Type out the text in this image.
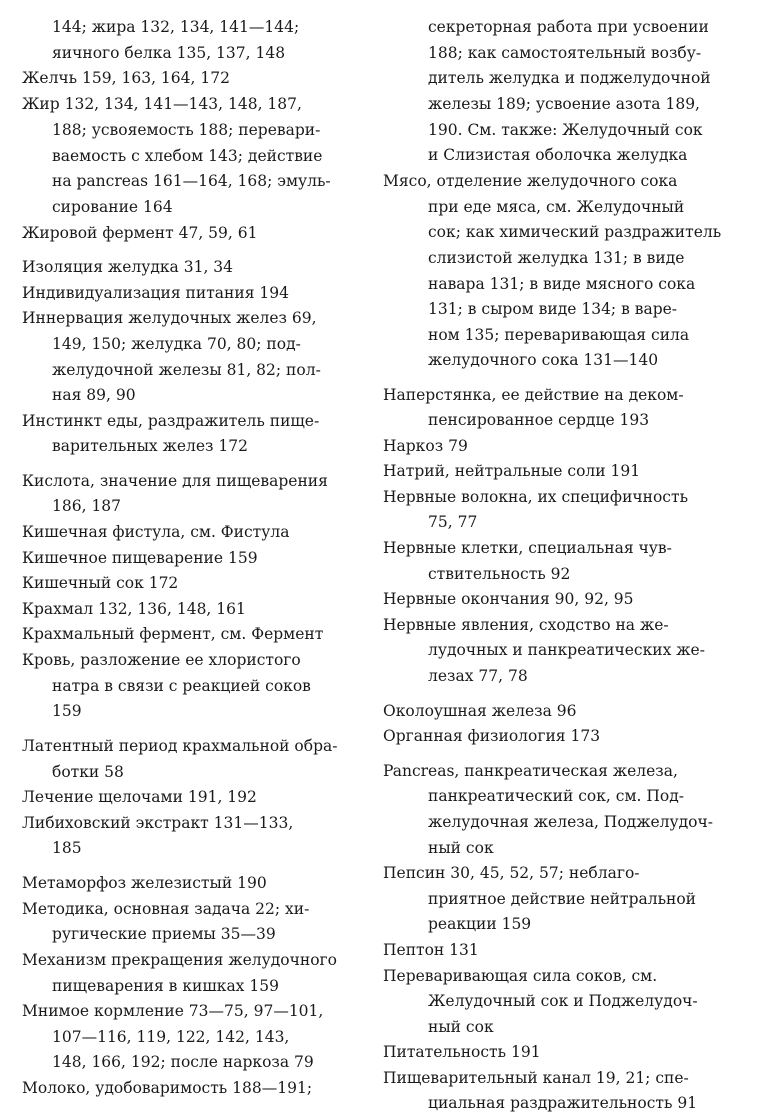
144; жира 132, 134, 141—144;
яичного белка 135, 137, 148
Желчь 159, 163, 164, 172
Жир 132, 134, 141—143, 148, 187,
188; усвояемость 188; перевари-
ваемость с хлебом 143; действие
на pancreas 161—164, 168; эмуль-
сирование 164
Жировой фермент 47, 59, 61
Изоляция желудка 31, 34
Индивидуализация питания 194
Иннервация желудочных желез 69,
149, 150; желудка 70, 80; под-
желудочной железы 81, 82; пол-
ная 89, 90
Инстинкт еды, раздражитель пище-
варительных желез 172
Кислота, значение для пищеварения
186, 187
Кишечная фистула, см. Фистула
Кишечное пищеварение 159
Кишечный сок 172
Крахмал 132, 136, 148, 161
Крахмальный фермент, см. Фермент
Кровь, разложение ее хлористого
натра в связи с реакцией соков
159
Латентный период крахмальной обра-
ботки 58
Лечение щелочами 191, 192
Либиховский экстракт 131—133,
185
Метаморфоз железистый 190
Методика, основная задача 22; хи-
ругические приемы 35—39
Механизм прекращения желудочного
пищеварения в кишках 159
Мнимое кормление 73—75, 97—101,
107—116, 119, 122, 142, 143,
148, 166, 192; после наркоза 79
Молоко, удобоваримость 188—191;
секреторная работа при усвоении
188; как самостоятельный возбу-
дитель желудка и поджелудочной
железы 189; усвоение азота 189,
190. См. также: Желудочный сок
и Слизистая оболочка желудка
Мясо, отделение желудочного сока
при еде мяса, см. Желудочный
сок; как химический раздражитель
слизистой желудка 131; в виде
навара 131; в виде мясного сока
131; в сыром виде 134; в варе-
ном 135; переваривающая сила
желудочного сока 131—140
Наперстянка, ее действие на деком-
пенсированное сердце 193
Наркоз 79
Натрий, нейтральные соли 191
Нервные волокна, их специфичность
75, 77
Нервные клетки, специальная чув-
ствительность 92
Нервные окончания 90, 92, 95
Нервные явления, сходство на же-
лудочных и панкреатических же-
лезах 77, 78
Околоушная железа 96
Органная физиология 173
Pancreas, панкреатическая железа,
панкреатический сок, см. Под-
желудочная железа, Поджелудоч-
ный сок
Пепсин 30, 45, 52, 57; неблаго-
приятное действие нейтральной
реакции 159
Пептон 131
Переваривающая сила соков, см.
Желудочный сок и Поджелудоч-
ный сок
Питательность 191
Пищеварительный канал 19, 21; спе-
циальная раздражительность 91
